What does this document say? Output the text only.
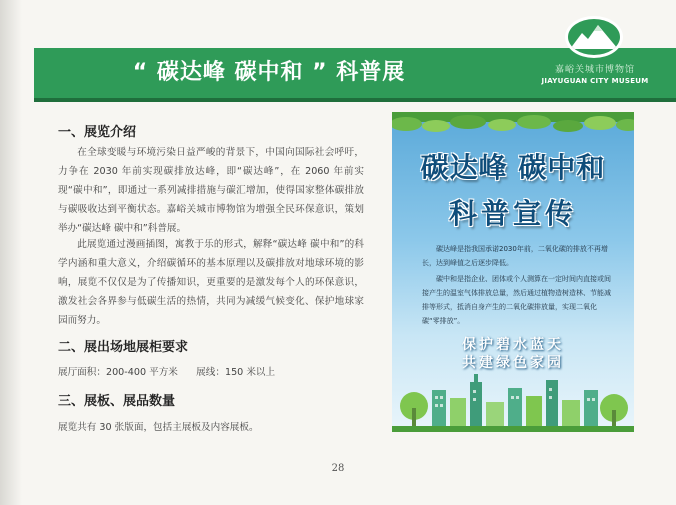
“ 碳达峰 碳中和 ” 科普展	嘉峪关城市博物馆
JIAYUGUAN CITY MUSEUM
一、展览介绍

在全球变暖与环境污染日益严峻的背景下，中国向国际社会呼吁，力争在 2030 年前实现碳排放达峰，即“碳达峰”，在 2060 年前实现“碳中和”，即通过一系列减排措施与碳汇增加，使得国家整体碳排放与碳吸收达到平衡状态。嘉峪关城市博物馆为增强全民环保意识，策划举办“碳达峰 碳中和”科普展。

此展览通过漫画插图，寓教于乐的形式，解释“碳达峰 碳中和”的科学内涵和重大意义，介绍碳循环的基本原理以及碳排放对地球环境的影响，展览不仅仅是为了传播知识，更重要的是激发每个人的环保意识，激发社会各界参与低碳生活的热情，共同为减缓气候变化、保护地球家园而努力。

二、展出场地展柜要求
展厅面积：200-400 平方米      展线：150 米以上
三、展板、展品数量
展览共有 30 张版面，包括主展板及内容展板。
碳达峰 碳中和
科普宣传

碳达峰是指我国承诺2030年前，二氧化碳的排放不再增长，达到峰值之后逐步降低。

碳中和是指企业、团体或个人测算在一定时间内直接或间接产生的温室气体排放总量，然后通过植物造树造林、节能减排等形式，抵消自身产生的二氧化碳排放量，实现二氧化碳“零排放”。

保护碧水蓝天
共建绿色家园
28
